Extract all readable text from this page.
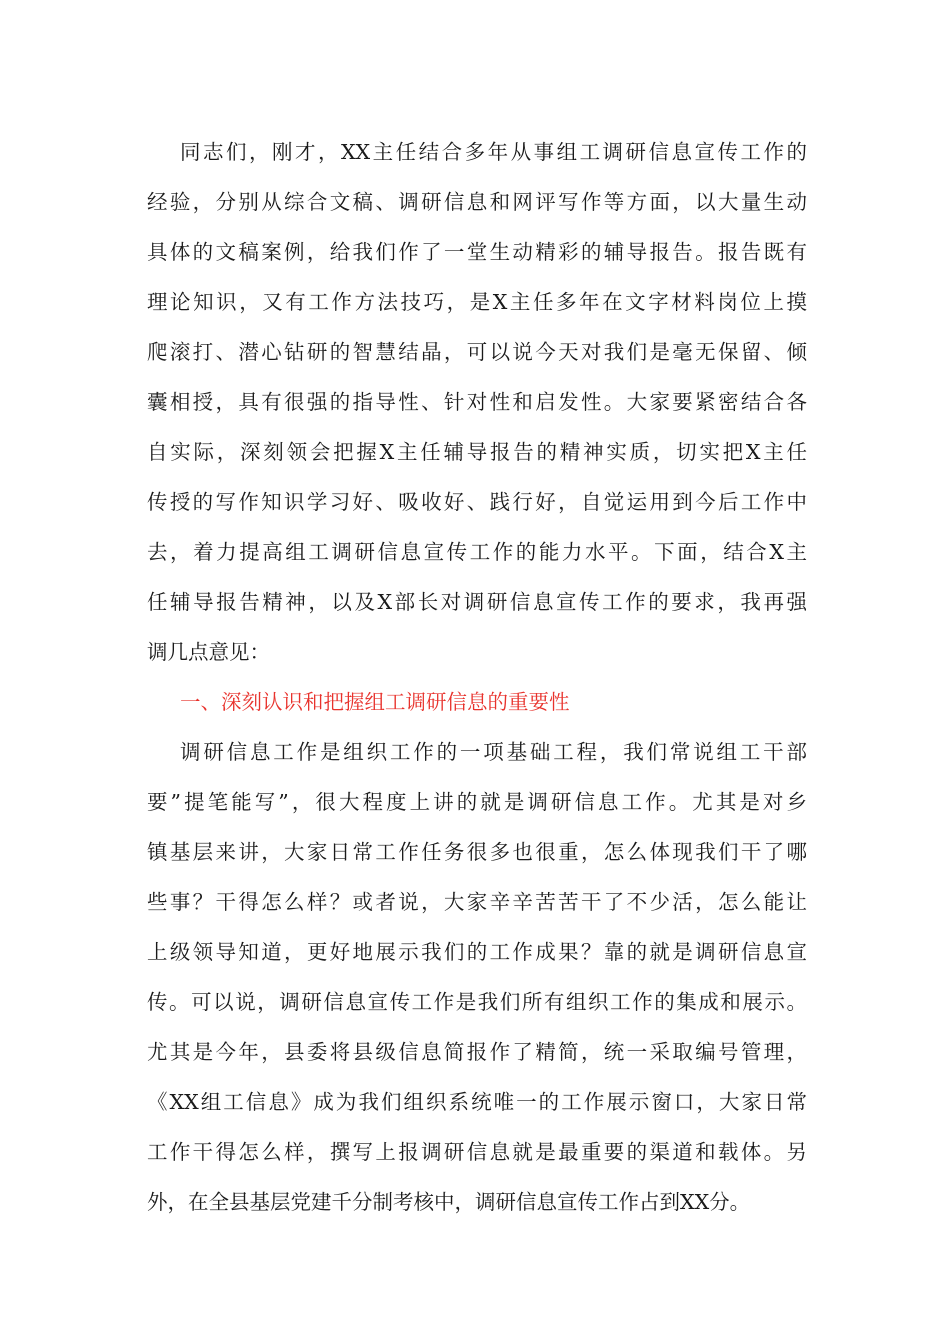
同志们，刚才，XX主任结合多年从事组工调研信息宣传工作的
经验，分别从综合文稿、调研信息和网评写作等方面，以大量生动
具体的文稿案例，给我们作了一堂生动精彩的辅导报告。报告既有
理论知识，又有工作方法技巧，是X主任多年在文字材料岗位上摸
爬滚打、潜心钻研的智慧结晶，可以说今天对我们是毫无保留、倾
囊相授，具有很强的指导性、针对性和启发性。大家要紧密结合各
自实际，深刻领会把握X主任辅导报告的精神实质，切实把X主任
传授的写作知识学习好、吸收好、践行好，自觉运用到今后工作中
去，着力提高组工调研信息宣传工作的能力水平。下面，结合X主
任辅导报告精神，以及X部长对调研信息宣传工作的要求，我再强
调几点意见：
一、深刻认识和把握组工调研信息的重要性
调研信息工作是组织工作的一项基础工程，我们常说组工干部
要”提笔能写”，很大程度上讲的就是调研信息工作。尤其是对乡
镇基层来讲，大家日常工作任务很多也很重，怎么体现我们干了哪
些事？干得怎么样？或者说，大家辛辛苦苦干了不少活，怎么能让
上级领导知道，更好地展示我们的工作成果？靠的就是调研信息宣
传。可以说，调研信息宣传工作是我们所有组织工作的集成和展示。
尤其是今年，县委将县级信息简报作了精简，统一采取编号管理，
《XX组工信息》成为我们组织系统唯一的工作展示窗口，大家日常
工作干得怎么样，撰写上报调研信息就是最重要的渠道和载体。另
外，在全县基层党建千分制考核中，调研信息宣传工作占到XX分。
